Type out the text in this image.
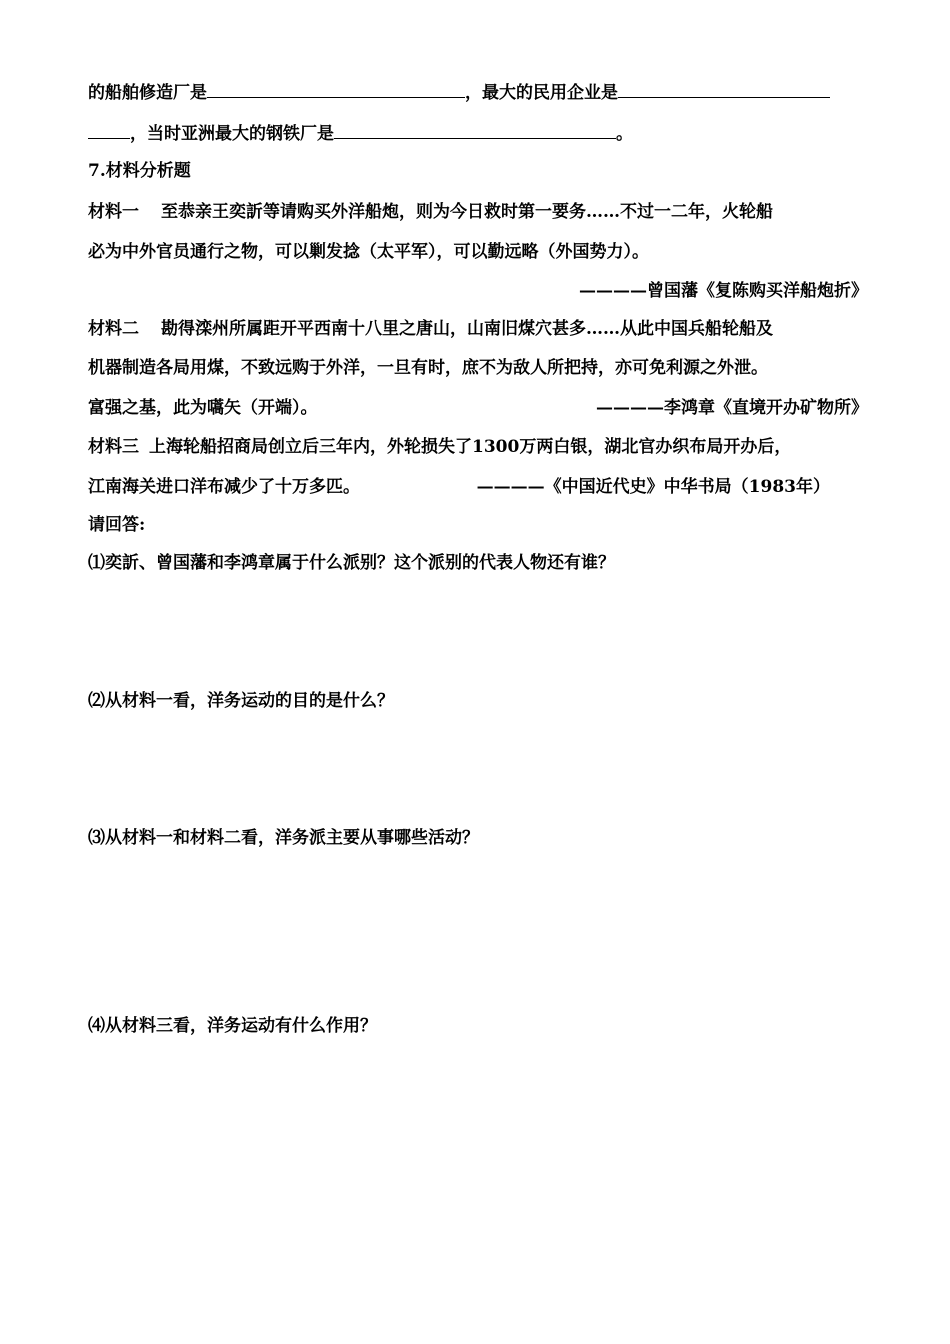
的船舶修造厂是	，最大的民用企业是
，当时亚洲最大的钢铁厂是	。
7.材料分析题
材料一 至恭亲王奕訢等请购买外洋船炮，则为今日救时第一要务……不过一二年，火轮船
必为中外官员通行之物，可以剿发捻（太平军），可以勤远略（外国势力）。
————曾国藩《复陈购买洋船炮折》
材料二 勘得滦州所属距开平西南十八里之唐山，山南旧煤穴甚多……从此中国兵船轮船及
机器制造各局用煤，不致远购于外洋，一旦有时，庶不为敌人所把持，亦可免利源之外泄。
富强之基，此为嚆矢（开端）。	————李鸿章《直境开办矿物所》
材料三 上海轮船招商局创立后三年内，外轮损失了1300万两白银，湖北官办织布局开办后，
江南海关进口洋布减少了十万多匹。	————《中国近代史》中华书局（1983年）
请回答:
⑴奕訢、曾国藩和李鸿章属于什么派别？这个派别的代表人物还有谁？
⑵从材料一看，洋务运动的目的是什么？
⑶从材料一和材料二看，洋务派主要从事哪些活动？
⑷从材料三看，洋务运动有什么作用？
